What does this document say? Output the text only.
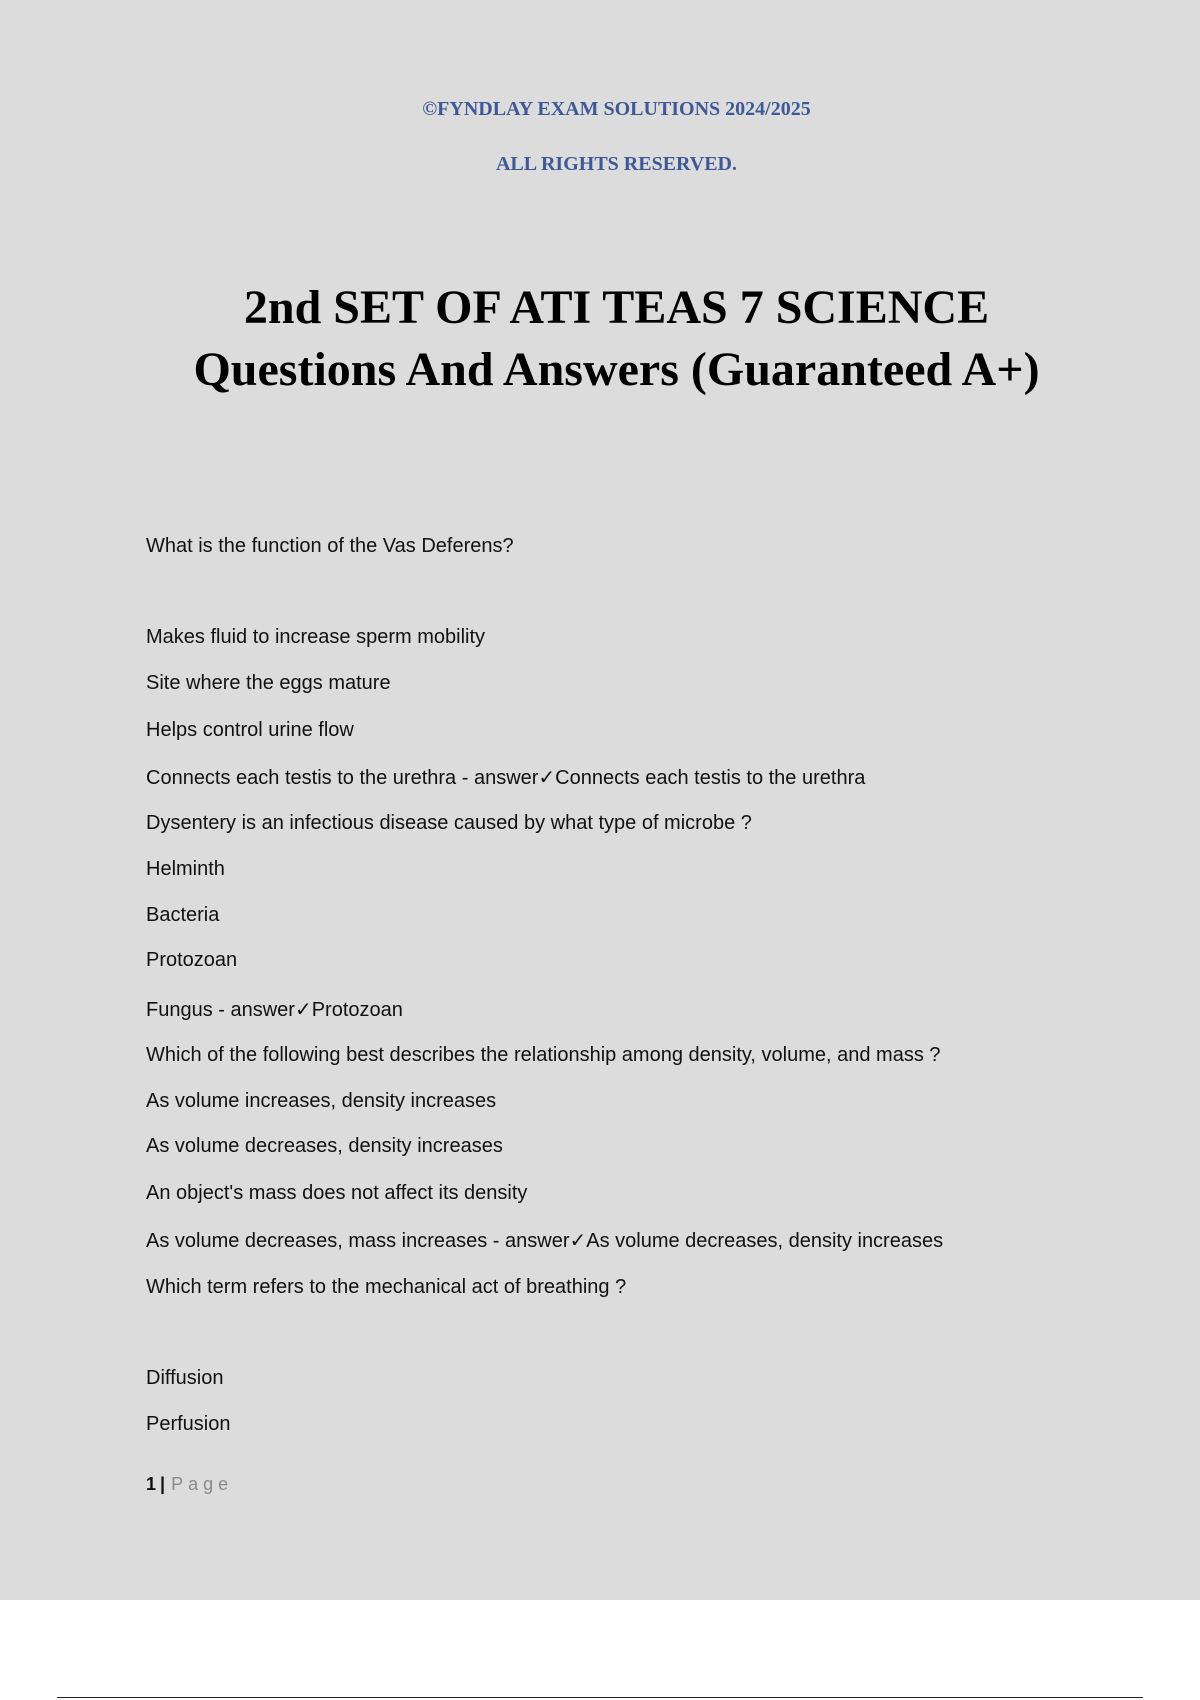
©FYNDLAY EXAM SOLUTIONS 2024/2025

ALL RIGHTS RESERVED.

2nd SET OF ATI TEAS 7 SCIENCE
Questions And Answers (Guaranteed A+)
What is the function of the Vas Deferens?
Makes fluid to increase sperm mobility
Site where the eggs mature
Helps control urine flow
Connects each testis to the urethra - answer✓Connects each testis to the urethra
Dysentery is an infectious disease caused by what type of microbe ?
Helminth
Bacteria
Protozoan
Fungus - answer✓Protozoan
Which of the following best describes the relationship among density, volume, and mass ?
As volume increases, density increases
As volume decreases, density increases
An object's mass does not affect its density
As volume decreases, mass increases - answer✓As volume decreases, density increases
Which term refers to the mechanical act of breathing ?
Diffusion
Perfusion
1 | Page
